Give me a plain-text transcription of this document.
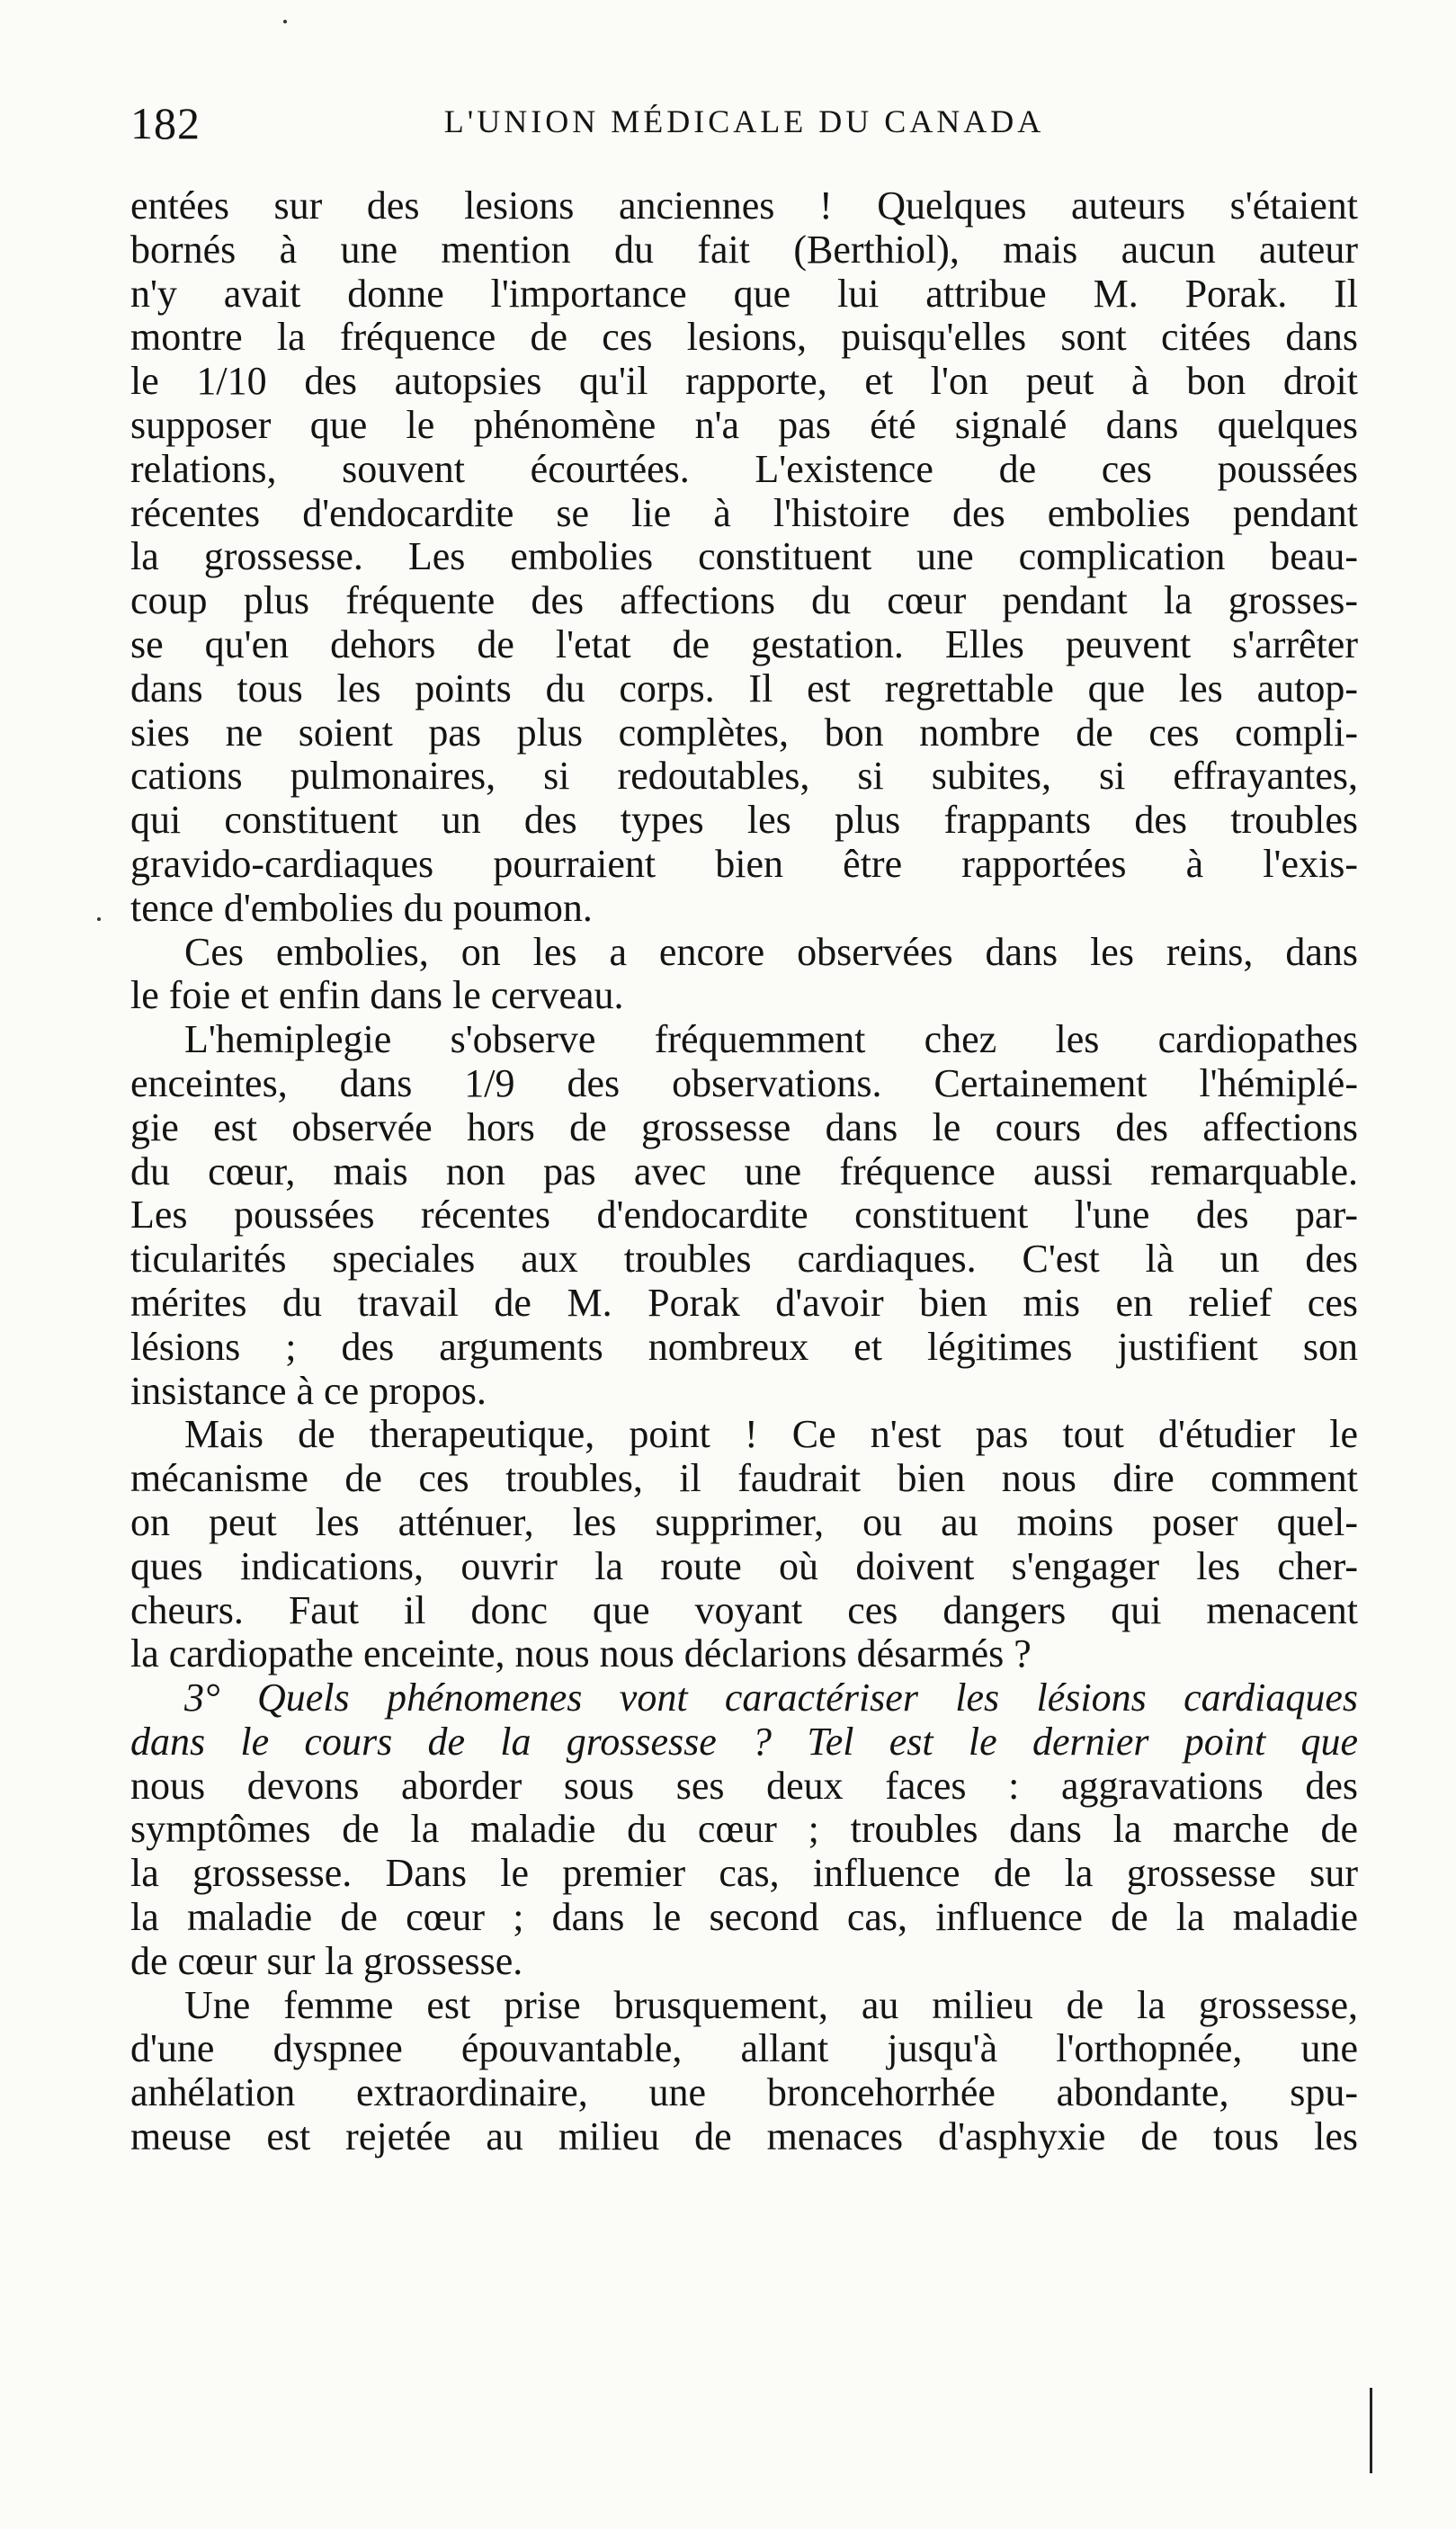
182	L'UNION MÉDICALE DU CANADA
entées sur des lesions anciennes ! Quelques auteurs s'étaient
bornés à une mention du fait (Berthiol), mais aucun auteur
n'y avait donne l'importance que lui attribue M. Porak. Il
montre la fréquence de ces lesions, puisqu'elles sont citées dans
le 1/10 des autopsies qu'il rapporte, et l'on peut à bon droit
supposer que le phénomène n'a pas été signalé dans quelques
relations, souvent écourtées. L'existence de ces poussées
récentes d'endocardite se lie à l'histoire des embolies pendant
la grossesse. Les embolies constituent une complication beau-
coup plus fréquente des affections du cœur pendant la grosses-
se qu'en dehors de l'etat de gestation. Elles peuvent s'arrêter
dans tous les points du corps. Il est regrettable que les autop-
sies ne soient pas plus complètes, bon nombre de ces compli-
cations pulmonaires, si redoutables, si subites, si effrayantes,
qui constituent un des types les plus frappants des troubles
gravido-cardiaques pourraient bien être rapportées à l'exis-
tence d'embolies du poumon.
Ces embolies, on les a encore observées dans les reins, dans
le foie et enfin dans le cerveau.
L'hemiplegie s'observe fréquemment chez les cardiopathes
enceintes, dans 1/9 des observations. Certainement l'hémiplé-
gie est observée hors de grossesse dans le cours des affections
du cœur, mais non pas avec une fréquence aussi remarquable.
Les poussées récentes d'endocardite constituent l'une des par-
ticularités speciales aux troubles cardiaques. C'est là un des
mérites du travail de M. Porak d'avoir bien mis en relief ces
lésions ; des arguments nombreux et légitimes justifient son
insistance à ce propos.
Mais de therapeutique, point ! Ce n'est pas tout d'étudier le
mécanisme de ces troubles, il faudrait bien nous dire comment
on peut les atténuer, les supprimer, ou au moins poser quel-
ques indications, ouvrir la route où doivent s'engager les cher-
cheurs. Faut il donc que voyant ces dangers qui menacent
la cardiopathe enceinte, nous nous déclarions désarmés ?
3° Quels phénomenes vont caractériser les lésions cardiaques
dans le cours de la grossesse ? Tel est le dernier point que
nous devons aborder sous ses deux faces : aggravations des
symptômes de la maladie du cœur ; troubles dans la marche de
la grossesse. Dans le premier cas, influence de la grossesse sur
la maladie de cœur ; dans le second cas, influence de la maladie
de cœur sur la grossesse.
Une femme est prise brusquement, au milieu de la grossesse,
d'une dyspnee épouvantable, allant jusqu'à l'orthopnée, une
anhélation extraordinaire, une broncehorrhée abondante, spu-
meuse est rejetée au milieu de menaces d'asphyxie de tous les
